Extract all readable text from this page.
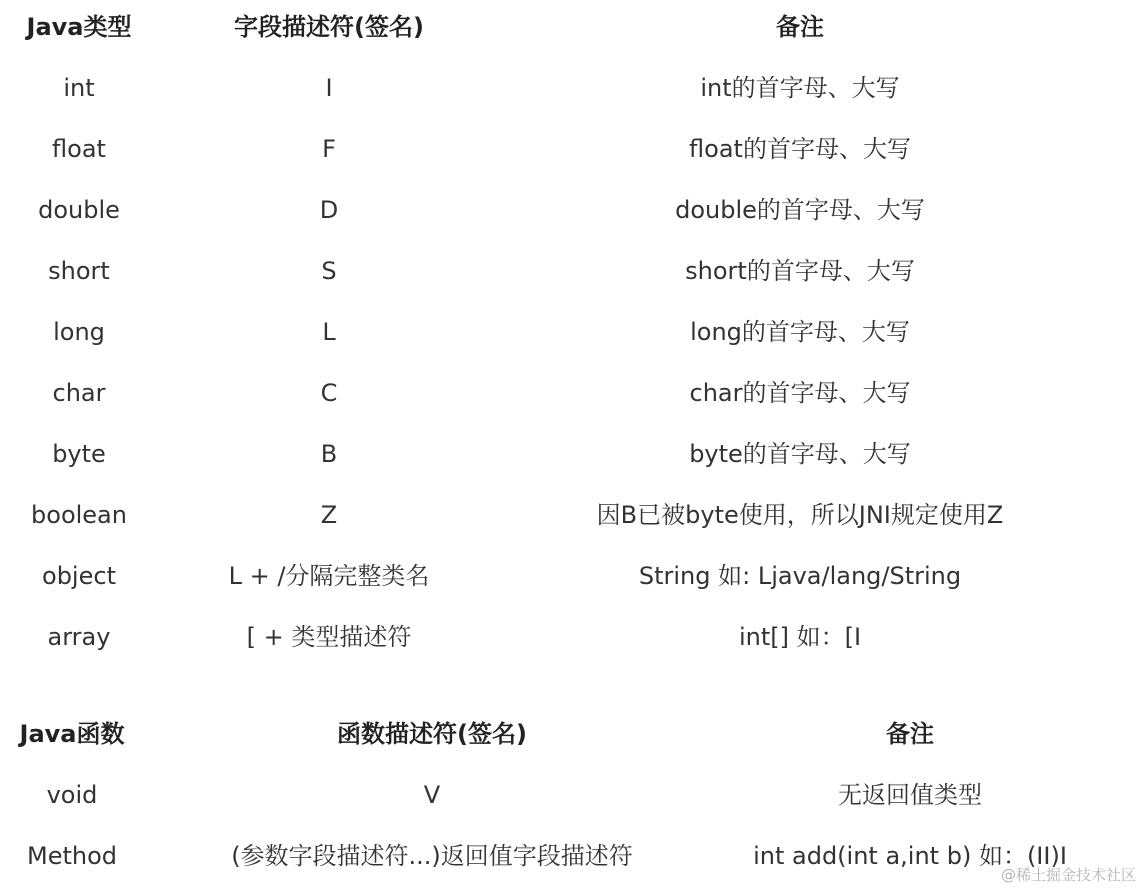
Java类型	字段描述符(签名)	备注
int	I	int的首字母、大写
float	F	float的首字母、大写
double	D	double的首字母、大写
short	S	short的首字母、大写
long	L	long的首字母、大写
char	C	char的首字母、大写
byte	B	byte的首字母、大写
boolean	Z	因B已被byte使用，所以JNI规定使用Z
object	L + /分隔完整类名	String 如: Ljava/lang/String
array	[ + 类型描述符	int[] 如：[I
Java函数	函数描述符(签名)	备注
void	V	无返回值类型
Method	(参数字段描述符...)返回值字段描述符	int add(int a,int b) 如：(II)I
@稀土掘金技术社区
